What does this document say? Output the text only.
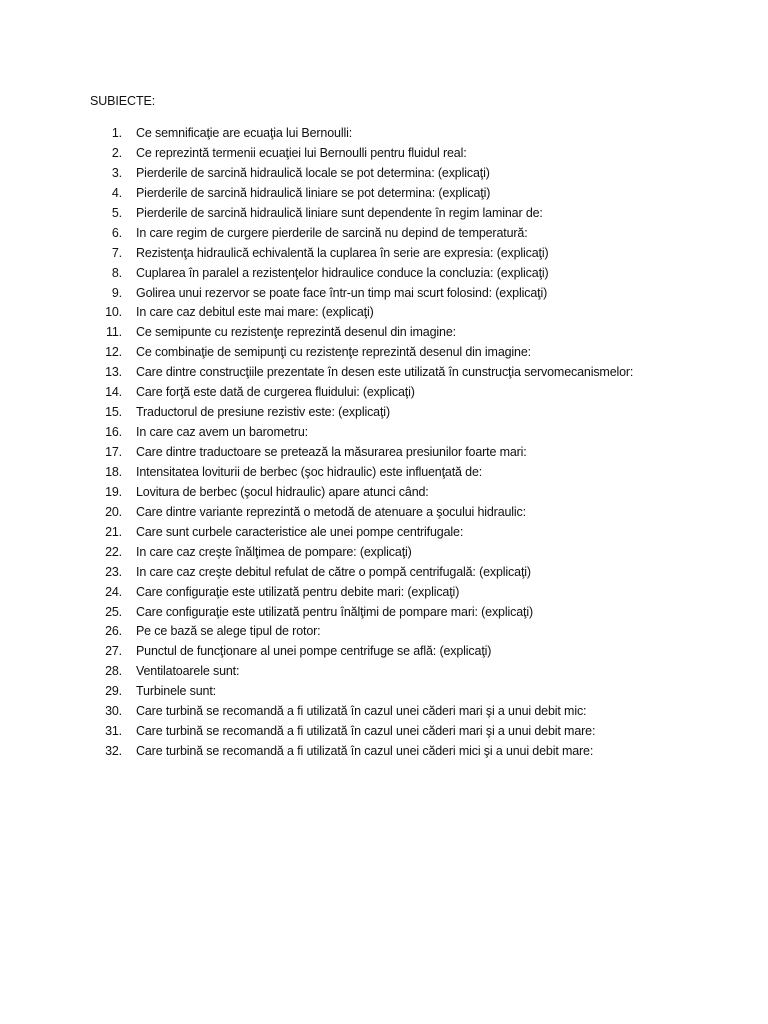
SUBIECTE:
1. Ce semnificaţie are ecuaţia lui Bernoulli:
2. Ce reprezintă termenii ecuaţiei lui Bernoulli pentru fluidul real:
3. Pierderile de sarcină hidraulică locale se pot determina: (explicaţi)
4. Pierderile de sarcină hidraulică liniare se pot determina: (explicaţi)
5. Pierderile de sarcină hidraulică liniare sunt dependente în regim laminar de:
6. In care regim de curgere pierderile de sarcină nu depind de temperatură:
7. Rezistenţa hidraulică echivalentă la cuplarea în serie are expresia: (explicaţi)
8. Cuplarea în paralel a rezistenţelor hidraulice conduce la concluzia: (explicaţi)
9. Golirea unui rezervor se poate face într-un timp mai scurt folosind: (explicaţi)
10. In care caz debitul este mai mare: (explicaţi)
11. Ce semipunte cu rezistenţe reprezintă desenul din imagine:
12. Ce combinaţie de semipunţi cu rezistenţe reprezintă desenul din imagine:
13. Care dintre construcţiile prezentate în desen este utilizată în cunstrucţia servomecanismelor:
14. Care forţă este dată de curgerea fluidului: (explicaţi)
15. Traductorul de presiune rezistiv este: (explicaţi)
16. In care caz avem un barometru:
17. Care dintre traductoare se pretează la măsurarea presiunilor foarte mari:
18. Intensitatea loviturii de berbec (şoc hidraulic) este influenţată de:
19. Lovitura de berbec (şocul hidraulic) apare atunci când:
20. Care dintre variante reprezintă o metodă de atenuare a şocului hidraulic:
21. Care sunt curbele caracteristice ale unei pompe centrifugale:
22. In care caz creşte înălţimea de pompare: (explicaţi)
23. In care caz creşte debitul refulat de către o pompă centrifugală: (explicaţi)
24. Care configuraţie este utilizată pentru debite mari: (explicaţi)
25. Care configuraţie este utilizată pentru înălţimi de pompare mari: (explicaţi)
26. Pe ce bază se alege tipul de rotor:
27. Punctul de funcţionare al unei pompe centrifuge se află: (explicaţi)
28. Ventilatoarele sunt:
29. Turbinele sunt:
30. Care turbină se recomandă a fi utilizată în cazul unei căderi mari şi a unui debit mic:
31. Care turbină se recomandă a fi utilizată în cazul unei căderi mari şi a unui debit mare:
32. Care turbină se recomandă a fi utilizată în cazul unei căderi mici şi a unui debit mare:
